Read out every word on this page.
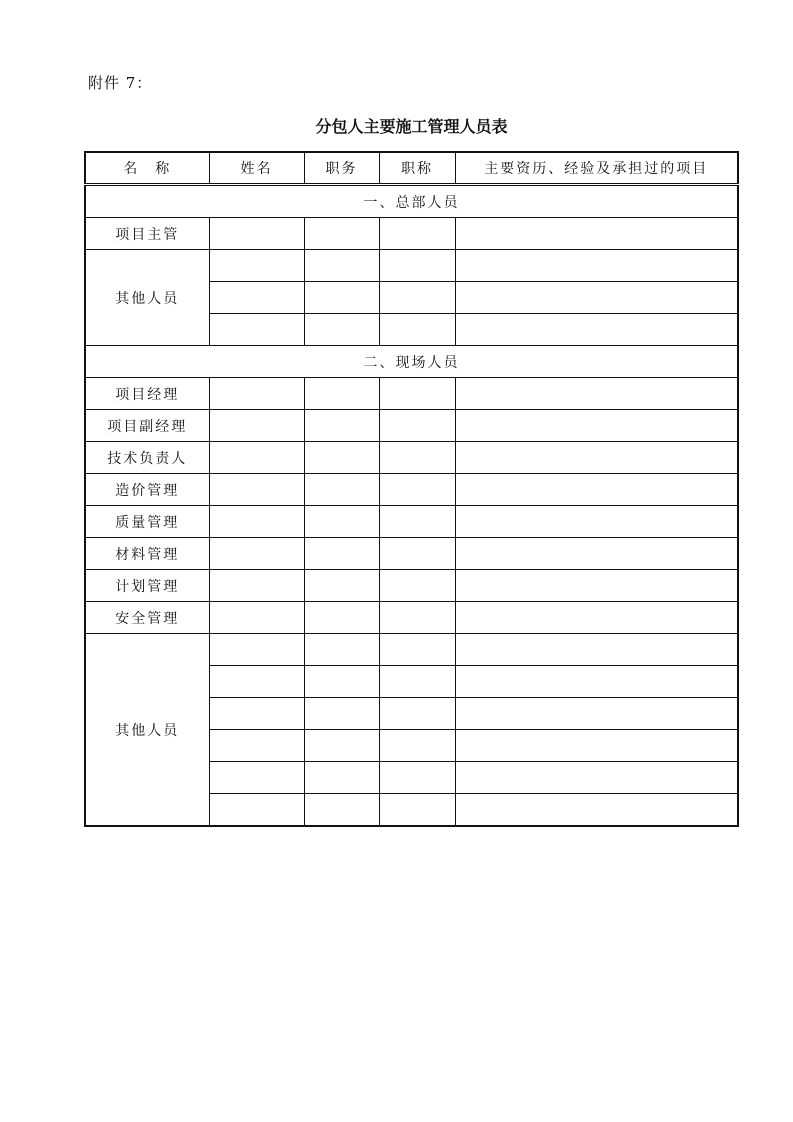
附件 7：
分包人主要施工管理人员表
名　称	姓名	职务	职称	主要资历、经验及承担过的项目
一、总部人员				
项目主管				
其他人员				

二、现场人员				
项目经理				
项目副经理				
技术负责人				
造价管理				
质量管理				
材料管理				
计划管理				
安全管理				
其他人员				
